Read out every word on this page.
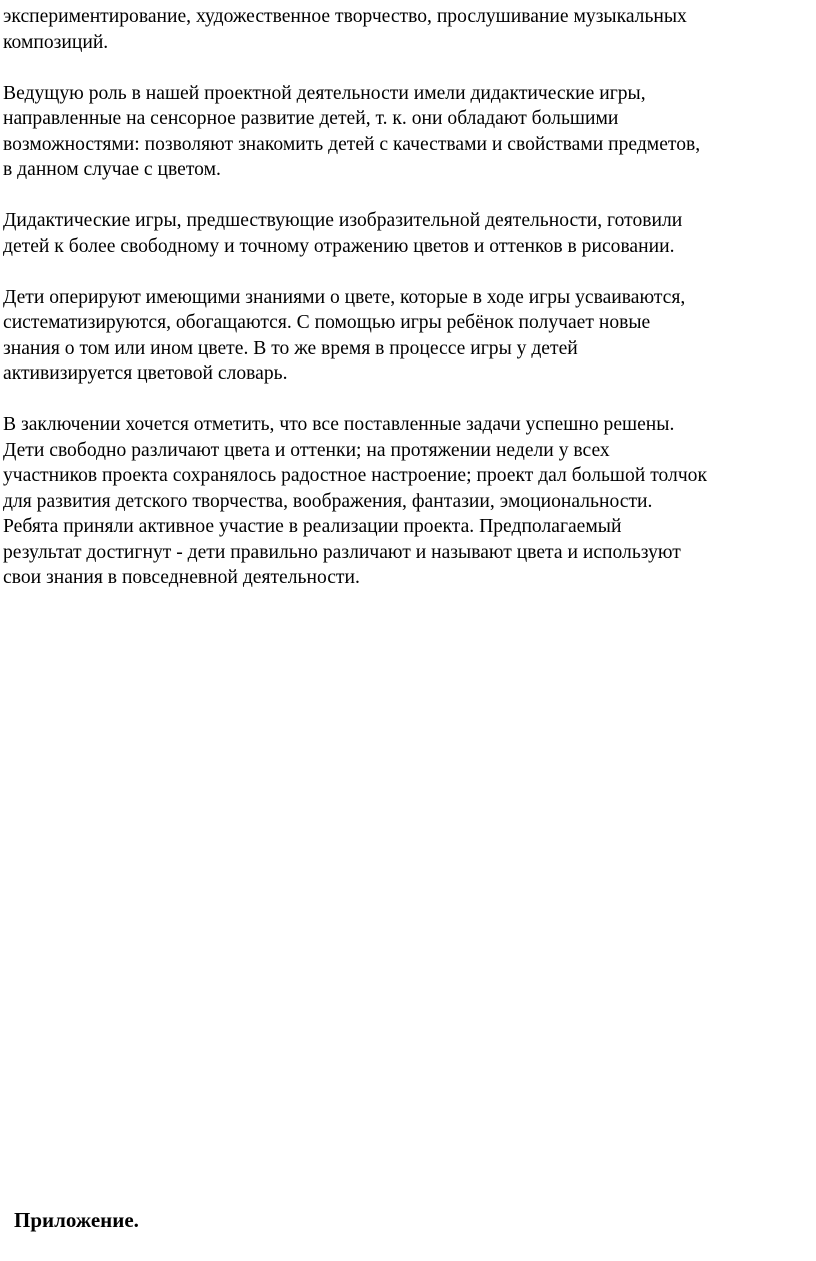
экспериментирование, художественное творчество, прослушивание музыкальных
композиций.

Ведущую роль в нашей проектной деятельности имели дидактические игры,
направленные на сенсорное развитие детей, т. к. они обладают большими
возможностями: позволяют знакомить детей с качествами и свойствами предметов,
в данном случае с цветом.

Дидактические игры, предшествующие изобразительной деятельности, готовили
детей к более свободному и точному отражению цветов и оттенков в рисовании.

Дети оперируют имеющими знаниями о цвете, которые в ходе игры усваиваются,
систематизируются, обогащаются. С помощью игры ребёнок получает новые
знания о том или ином цвете. В то же время в процессе игры у детей
активизируется цветовой словарь.

В заключении хочется отметить, что все поставленные задачи успешно решены.
Дети свободно различают цвета и оттенки; на протяжении недели у всех
участников проекта сохранялось радостное настроение; проект дал большой толчок
для развития детского творчества, воображения, фантазии, эмоциональности.
Ребята приняли активное участие в реализации проекта. Предполагаемый
результат достигнут - дети правильно различают и называют цвета и используют
свои знания в повседневной деятельности.

Приложение.
